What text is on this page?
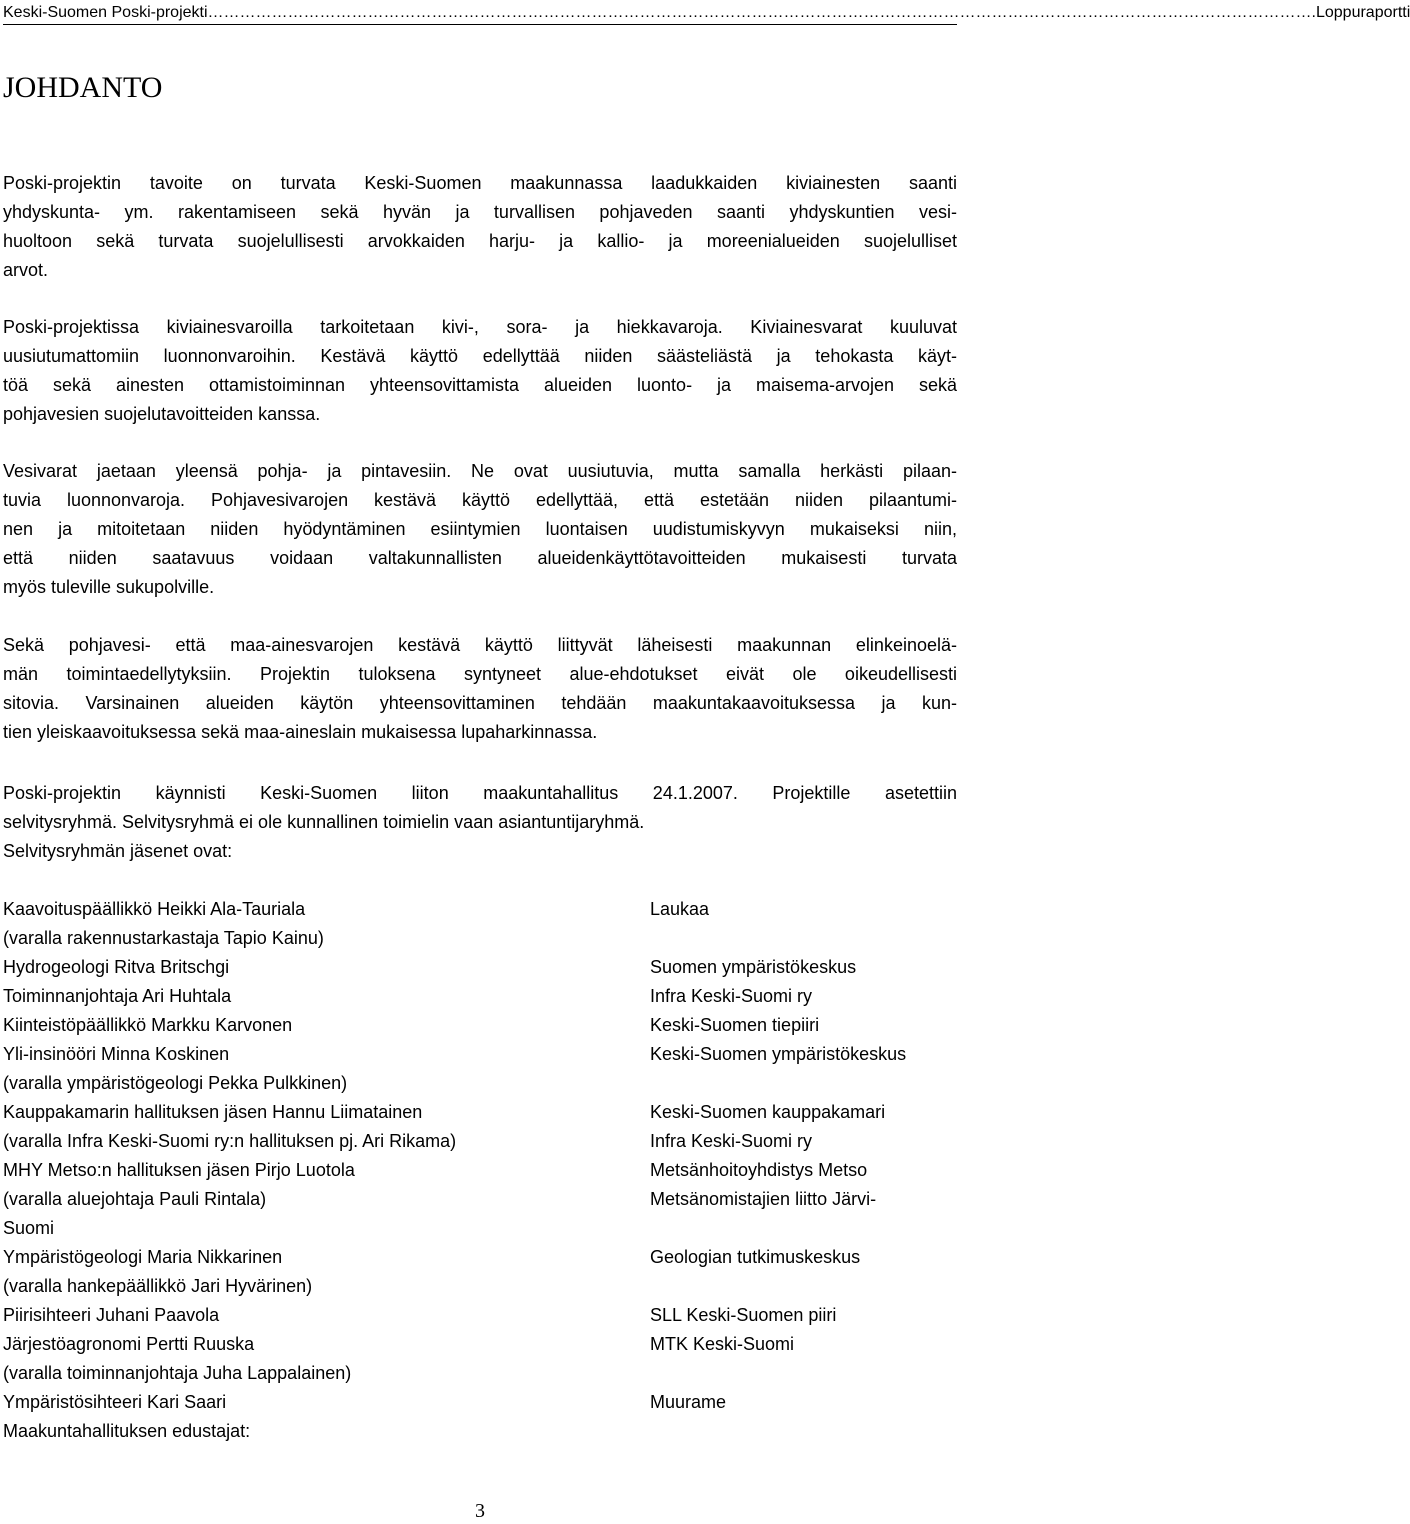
Keski-Suomen Poski-projekti ……………………………………………………………………………………………………………………………………………………………………………………… .Loppuraportti
JOHDANTO
Poski-projektin tavoite on turvata Keski-Suomen maakunnassa laadukkaiden kiviainesten saanti
yhdyskunta- ym. rakentamiseen sekä hyvän ja turvallisen pohjaveden saanti yhdyskuntien vesi-
huoltoon sekä turvata suojelullisesti arvokkaiden harju- ja kallio- ja moreenialueiden suojelulliset
arvot.
Poski-projektissa kiviainesvaroilla tarkoitetaan kivi-, sora- ja hiekkavaroja. Kiviainesvarat kuuluvat
uusiutumattomiin luonnonvaroihin. Kestävä käyttö edellyttää niiden säästeliästä ja tehokasta käyt-
töä sekä ainesten ottamistoiminnan yhteensovittamista alueiden luonto- ja maisema-arvojen sekä
pohjavesien suojelutavoitteiden kanssa.
Vesivarat jaetaan yleensä pohja- ja pintavesiin. Ne ovat uusiutuvia, mutta samalla herkästi pilaan-
tuvia luonnonvaroja. Pohjavesivarojen kestävä käyttö edellyttää, että estetään niiden pilaantumi-
nen ja mitoitetaan niiden hyödyntäminen esiintymien luontaisen uudistumiskyvyn mukaiseksi niin,
että niiden saatavuus voidaan valtakunnallisten alueidenkäyttötavoitteiden mukaisesti turvata
myös tuleville sukupolville.
Sekä pohjavesi- että maa-ainesvarojen kestävä käyttö liittyvät läheisesti maakunnan elinkeinoelä-
män toimintaedellytyksiin. Projektin tuloksena syntyneet alue-ehdotukset eivät ole oikeudellisesti
sitovia. Varsinainen alueiden käytön yhteensovittaminen tehdään maakuntakaavoituksessa ja kun-
tien yleiskaavoituksessa sekä maa-aineslain mukaisessa lupaharkinnassa.
Poski-projektin käynnisti Keski-Suomen liiton maakuntahallitus 24.1.2007. Projektille asetettiin
selvitysryhmä. Selvitysryhmä ei ole kunnallinen toimielin vaan asiantuntijaryhmä.
Selvitysryhmän jäsenet ovat:
Kaavoituspäällikkö Heikki Ala-Tauriala	Laukaa
(varalla rakennustarkastaja Tapio Kainu)
Hydrogeologi Ritva Britschgi	Suomen ympäristökeskus
Toiminnanjohtaja Ari Huhtala	Infra Keski-Suomi ry
Kiinteistöpäällikkö Markku Karvonen	Keski-Suomen tiepiiri
Yli-insinööri Minna Koskinen	Keski-Suomen ympäristökeskus
(varalla ympäristögeologi Pekka Pulkkinen)
Kauppakamarin hallituksen jäsen Hannu Liimatainen	Keski-Suomen kauppakamari
(varalla Infra Keski-Suomi ry:n hallituksen pj. Ari Rikama)	Infra Keski-Suomi ry
MHY Metso:n hallituksen jäsen Pirjo Luotola	Metsänhoitoyhdistys Metso
(varalla aluejohtaja Pauli Rintala)	Metsänomistajien liitto Järvi-
Suomi
Ympäristögeologi Maria Nikkarinen	Geologian tutkimuskeskus
(varalla hankepäällikkö Jari Hyvärinen)
Piirisihteeri Juhani Paavola	SLL Keski-Suomen piiri
Järjestöagronomi Pertti Ruuska	MTK Keski-Suomi
(varalla toiminnanjohtaja Juha Lappalainen)
Ympäristösihteeri Kari Saari	Muurame
Maakuntahallituksen edustajat:
3
